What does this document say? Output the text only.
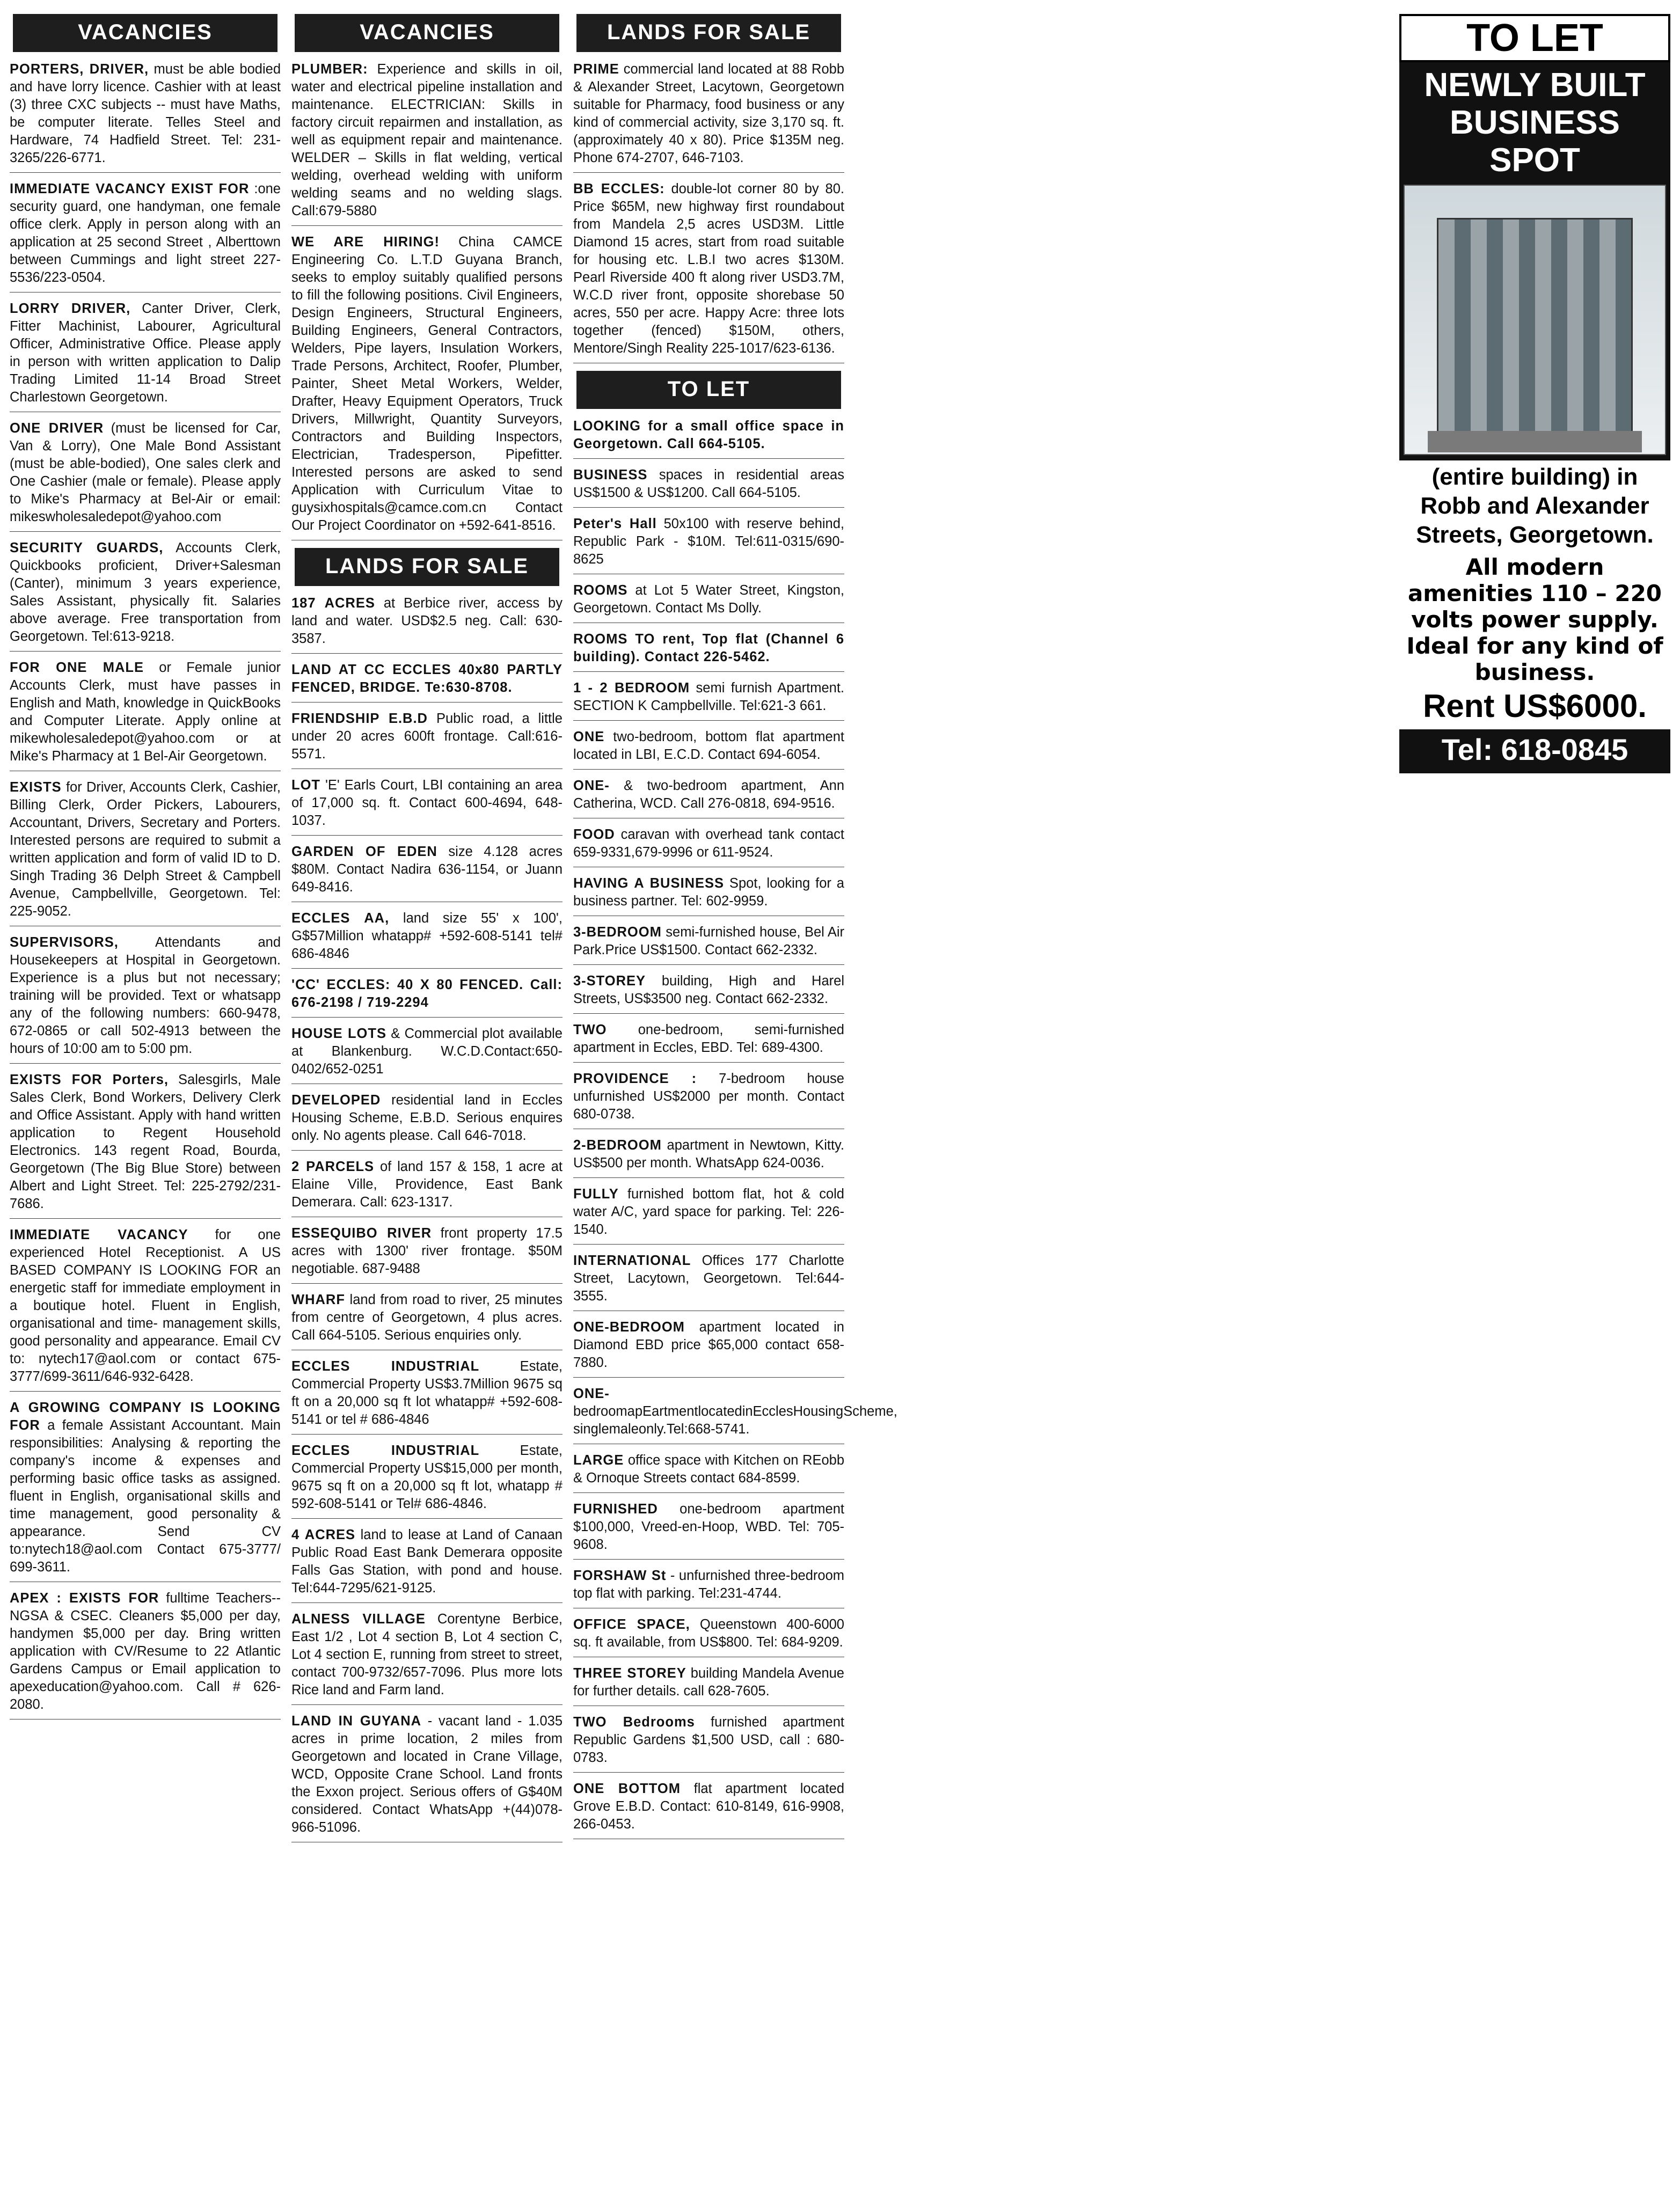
VACANCIES
PORTERS, DRIVER, must be able bodied and have lorry licence. Cashier with at least (3) three CXC subjects -- must have Maths, be computer literate. Telles Steel and Hardware, 74 Hadfield Street. Tel: 231-3265/226-6771.
IMMEDIATE VACANCY EXIST FOR :one security guard, one handyman, one female office clerk. Apply in person along with an application at 25 second Street , Alberttown between Cummings and light street 227-5536/223-0504.
LORRY DRIVER, Canter Driver, Clerk, Fitter Machinist, Labourer, Agricultural Officer, Administrative Office. Please apply in person with written application to Dalip Trading Limited 11-14 Broad Street Charlestown Georgetown.
ONE DRIVER (must be licensed for Car, Van & Lorry), One Male Bond Assistant (must be able-bodied), One sales clerk and One Cashier (male or female). Please apply to Mike's Pharmacy at Bel-Air or email: mikeswholesaledepot@yahoo.com
SECURITY GUARDS, Accounts Clerk, Quickbooks proficient, Driver+Salesman (Canter), minimum 3 years experience, Sales Assistant, physically fit. Salaries above average. Free transportation from Georgetown. Tel:613-9218.
FOR ONE MALE or Female junior Accounts Clerk, must have passes in English and Math, knowledge in QuickBooks and Computer Literate. Apply online at mikewholesaledepot@yahoo.com or at Mike's Pharmacy at 1 Bel-Air Georgetown.
EXISTS for Driver, Accounts Clerk, Cashier, Billing Clerk, Order Pickers, Labourers, Accountant, Drivers, Secretary and Porters. Interested persons are required to submit a written application and form of valid ID to D. Singh Trading 36 Delph Street & Campbell Avenue, Campbellville, Georgetown. Tel: 225-9052.
SUPERVISORS, Attendants and Housekeepers at Hospital in Georgetown. Experience is a plus but not necessary; training will be provided. Text or whatsapp any of the following numbers: 660-9478, 672-0865 or call 502-4913 between the hours of 10:00 am to 5:00 pm.
EXISTS FOR Porters, Salesgirls, Male Sales Clerk, Bond Workers, Delivery Clerk and Office Assistant. Apply with hand written application to Regent Household Electronics. 143 regent Road, Bourda, Georgetown (The Big Blue Store) between Albert and Light Street. Tel: 225-2792/231-7686.
IMMEDIATE VACANCY for one experienced Hotel Receptionist. A US BASED COMPANY IS LOOKING FOR an energetic staff for immediate employment in a boutique hotel. Fluent in English, organisational and time- management skills, good personality and appearance. Email CV to: nytech17@aol.com or contact 675-3777/699-3611/646-932-6428.
A GROWING COMPANY IS LOOKING FOR a female Assistant Accountant. Main responsibilities: Analysing & reporting the company's income & expenses and performing basic office tasks as assigned. fluent in English, organisational skills and time management, good personality & appearance. Send CV to:nytech18@aol.com Contact 675-3777/ 699-3611.
APEX : EXISTS FOR fulltime Teachers--NGSA & CSEC. Cleaners $5,000 per day, handymen $5,000 per day. Bring written application with CV/Resume to 22 Atlantic Gardens Campus or Email application to apexeducation@yahoo.com. Call # 626-2080.
VACANCIES
PLUMBER: Experience and skills in oil, water and electrical pipeline installation and maintenance. ELECTRICIAN: Skills in factory circuit repairmen and installation, as well as equipment repair and maintenance. WELDER – Skills in flat welding, vertical welding, overhead welding with uniform welding seams and no welding slags. Call:679-5880
WE ARE HIRING! China CAMCE Engineering Co. L.T.D Guyana Branch, seeks to employ suitably qualified persons to fill the following positions. Civil Engineers, Design Engineers, Structural Engineers, Building Engineers, General Contractors, Welders, Pipe layers, Insulation Workers, Trade Persons, Architect, Roofer, Plumber, Painter, Sheet Metal Workers, Welder, Drafter, Heavy Equipment Operators, Truck Drivers, Millwright, Quantity Surveyors, Contractors and Building Inspectors, Electrician, Tradesperson, Pipefitter. Interested persons are asked to send Application with Curriculum Vitae to guysixhospitals@camce.com.cn Contact Our Project Coordinator on +592-641-8516.
LANDS FOR SALE
187 ACRES at Berbice river, access by land and water. USD$2.5 neg. Call: 630-3587.
LAND AT CC ECCLES 40x80 PARTLY FENCED, BRIDGE. Te:630-8708.
FRIENDSHIP E.B.D Public road, a little under 20 acres 600ft frontage. Call:616-5571.
LOT 'E' Earls Court, LBI containing an area of 17,000 sq. ft. Contact 600-4694, 648-1037.
GARDEN OF EDEN size 4.128 acres $80M. Contact Nadira 636-1154, or Juann 649-8416.
ECCLES AA, land size 55' x 100', G$57Million whatapp# +592-608-5141 tel# 686-4846
'CC' ECCLES: 40 X 80 FENCED. Call: 676-2198 / 719-2294
HOUSE LOTS & Commercial plot available at Blankenburg. W.C.D.Contact:650-0402/652-0251
DEVELOPED residential land in Eccles Housing Scheme, E.B.D. Serious enquires only. No agents please. Call 646-7018.
2 PARCELS of land 157 & 158, 1 acre at Elaine Ville, Providence, East Bank Demerara. Call: 623-1317.
ESSEQUIBO RIVER front property 17.5 acres with 1300' river frontage. $50M negotiable. 687-9488
WHARF land from road to river, 25 minutes from centre of Georgetown, 4 plus acres. Call 664-5105. Serious enquiries only.
ECCLES INDUSTRIAL Estate, Commercial Property US$3.7Million 9675 sq ft on a 20,000 sq ft lot whatapp# +592-608-5141 or tel # 686-4846
ECCLES INDUSTRIAL Estate, Commercial Property US$15,000 per month, 9675 sq ft on a 20,000 sq ft lot, whatapp # 592-608-5141 or Tel# 686-4846.
4 ACRES land to lease at Land of Canaan Public Road East Bank Demerara opposite Falls Gas Station, with pond and house. Tel:644-7295/621-9125.
ALNESS VILLAGE Corentyne Berbice, East 1/2 , Lot 4 section B, Lot 4 section C, Lot 4 section E, running from street to street, contact 700-9732/657-7096. Plus more lots Rice land and Farm land.
LAND IN GUYANA - vacant land - 1.035 acres in prime location, 2 miles from Georgetown and located in Crane Village, WCD, Opposite Crane School. Land fronts the Exxon project. Serious offers of G$40M considered. Contact WhatsApp +(44)078-966-51096.
LANDS FOR SALE
PRIME commercial land located at 88 Robb & Alexander Street, Lacytown, Georgetown suitable for Pharmacy, food business or any kind of commercial activity, size 3,170 sq. ft. (approximately 40 x 80). Price $135M neg. Phone 674-2707, 646-7103.
BB ECCLES: double-lot corner 80 by 80. Price $65M, new highway first roundabout from Mandela 2,5 acres USD3M. Little Diamond 15 acres, start from road suitable for housing etc. L.B.I two acres $130M. Pearl Riverside 400 ft along river USD3.7M, W.C.D river front, opposite shorebase 50 acres, 550 per acre. Happy Acre: three lots together (fenced) $150M, others, Mentore/Singh Reality 225-1017/623-6136.
TO LET
LOOKING for a small office space in Georgetown. Call 664-5105.
BUSINESS spaces in residential areas US$1500 & US$1200. Call 664-5105.
Peter's Hall 50x100 with reserve behind, Republic Park - $10M. Tel:611-0315/690-8625
ROOMS at Lot 5 Water Street, Kingston, Georgetown. Contact Ms Dolly.
ROOMS TO rent, Top flat (Channel 6 building). Contact 226-5462.
1 - 2 BEDROOM semi furnish Apartment. SECTION K Campbellville. Tel:621-3 661.
ONE two-bedroom, bottom flat apartment located in LBI, E.C.D. Contact 694-6054.
ONE- & two-bedroom apartment, Ann Catherina, WCD. Call 276-0818, 694-9516.
FOOD caravan with overhead tank contact 659-9331,679-9996 or 611-9524.
HAVING A BUSINESS Spot, looking for a business partner. Tel: 602-9959.
3-BEDROOM semi-furnished house, Bel Air Park.Price US$1500. Contact 662-2332.
3-STOREY building, High and Harel Streets, US$3500 neg. Contact 662-2332.
TWO one-bedroom, semi-furnished apartment in Eccles, EBD. Tel: 689-4300.
PROVIDENCE : 7-bedroom house unfurnished US$2000 per month. Contact 680-0738.
2-BEDROOM apartment in Newtown, Kitty. US$500 per month. WhatsApp 624-0036.
FULLY furnished bottom flat, hot & cold water A/C, yard space for parking. Tel: 226-1540.
INTERNATIONAL Offices 177 Charlotte Street, Lacytown, Georgetown. Tel:644-3555.
ONE-BEDROOM apartment located in Diamond EBD price $65,000 contact 658-7880.
ONE-bedroomapEartmentlocatedinEcclesHousingScheme, singlemaleonly.Tel:668-5741.
LARGE office space with Kitchen on REobb & Ornoque Streets contact 684-8599.
FURNISHED one-bedroom apartment $100,000, Vreed-en-Hoop, WBD. Tel: 705-9608.
FORSHAW St - unfurnished three-bedroom top flat with parking. Tel:231-4744.
OFFICE SPACE, Queenstown 400-6000 sq. ft available, from US$800. Tel: 684-9209.
THREE STOREY building Mandela Avenue for further details. call 628-7605.
TWO Bedrooms furnished apartment Republic Gardens $1,500 USD, call : 680-0783.
ONE BOTTOM flat apartment located Grove E.B.D. Contact: 610-8149, 616-9908, 266-0453.
TO LET
NEWLY BUILT BUSINESS SPOT
(entire building) in Robb and Alexander Streets, Georgetown.
All modern amenities 110 – 220 volts power supply. Ideal for any kind of business.
Rent US$6000.
Tel: 618-0845
